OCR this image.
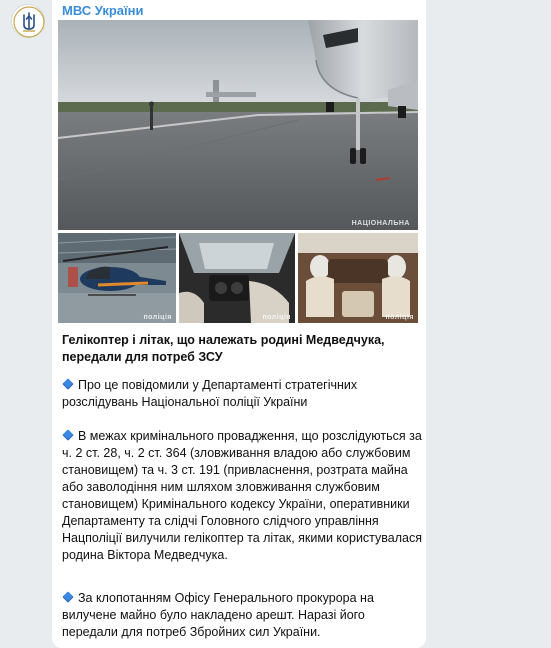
МВС України
НАЦІОНАЛЬНА
поліція	поліція	поліція
Гелікоптер і літак, що належать родині Медведчука, передали для потреб ЗСУ
Про це повідомили у Департаменті стратегічних розслідувань Національної поліції України
В межах кримінального провадження, що розслідуються за ч. 2 ст. 28, ч. 2 ст. 364 (зловживання владою або службовим становищем) та ч. 3 ст. 191 (привласнення, розтрата майна або заволодіння ним шляхом зловживання службовим становищем) Кримінального кодексу України, оперативники Департаменту та слідчі Головного слідчого управління Нацполіції вилучили гелікоптер та літак, якими користувалася родина Віктора Медведчука.
За клопотанням Офісу Генерального прокурора на вилучене майно було накладено арешт. Наразі його передали для потреб Збройних сил України.
